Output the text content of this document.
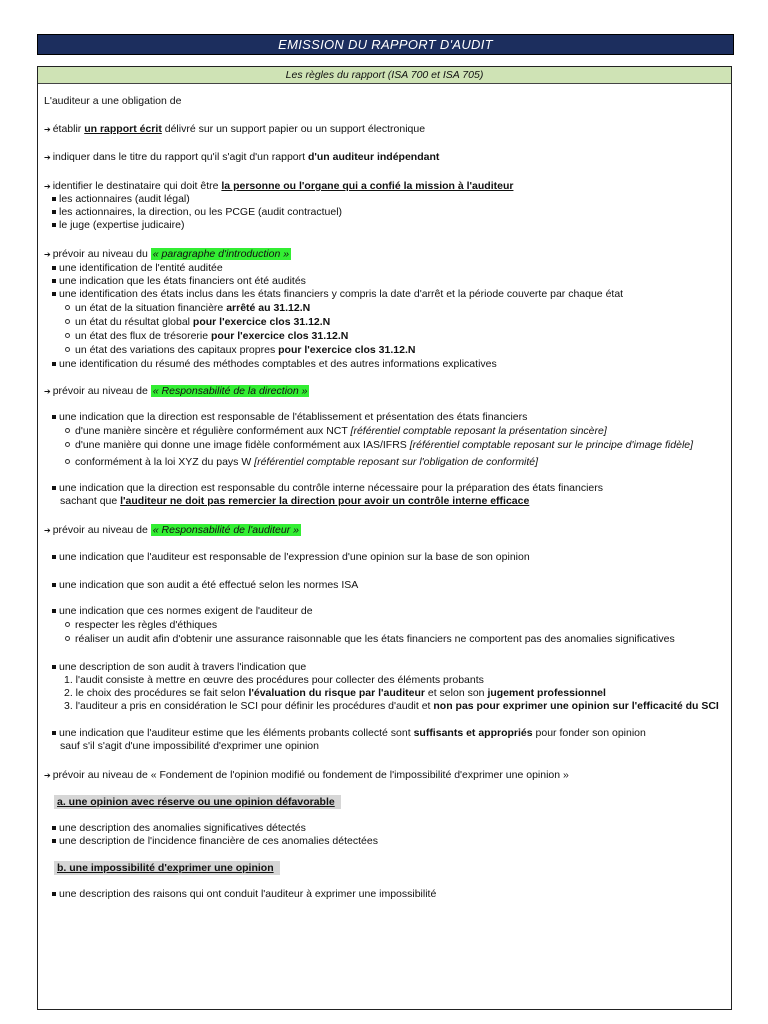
EMISSION DU RAPPORT D'AUDIT
Les règles du rapport (ISA 700 et ISA 705)
L'auditeur a une obligation de
➔ établir un rapport écrit délivré sur un support papier ou un support électronique
➔ indiquer dans le titre du rapport qu'il s'agit d'un rapport d'un auditeur indépendant
➔ identifier le destinataire qui doit être la personne ou l'organe qui a confié la mission à l'auditeur
les actionnaires (audit légal)
les actionnaires, la direction, ou les PCGE (audit contractuel)
le juge (expertise judicaire)
➔ prévoir au niveau du « paragraphe d'introduction »
une identification de l'entité auditée
une indication que les états financiers ont été audités
une identification des états inclus dans les états financiers y compris la date d'arrêt et la période couverte par chaque état
un état de la situation financière arrêté au 31.12.N
un état du résultat global pour l'exercice clos 31.12.N
un état des flux de trésorerie pour l'exercice clos 31.12.N
un état des variations des capitaux propres pour l'exercice clos 31.12.N
une identification du résumé des méthodes comptables et des autres informations explicatives
➔ prévoir au niveau de « Responsabilité de la direction »
une indication que la direction est responsable de l'établissement et présentation des états financiers
d'une manière sincère et régulière conformément aux NCT [référentiel comptable reposant la présentation sincère]
d'une manière qui donne une image fidèle conformément aux IAS/IFRS [référentiel comptable reposant sur le principe d'image fidèle]
conformément à la loi XYZ du pays W [référentiel comptable reposant sur l'obligation de conformité]
une indication que la direction est responsable du contrôle interne nécessaire pour la préparation des états financiers
sachant que l'auditeur ne doit pas remercier la direction pour avoir un contrôle interne efficace
➔ prévoir au niveau de « Responsabilité de l'auditeur »
une indication que l'auditeur est responsable de l'expression d'une opinion sur la base de son opinion
une indication que son audit a été effectué selon les normes ISA
une indication que ces normes exigent de l'auditeur de
respecter les règles d'éthiques
réaliser un audit afin d'obtenir une assurance raisonnable que les états financiers ne comportent pas des anomalies significatives
une description de son audit à travers l'indication que
1. l'audit consiste à mettre en œuvre des procédures pour collecter des éléments probants
2. le choix des procédures se fait selon l'évaluation du risque par l'auditeur et selon son jugement professionnel
3. l'auditeur a pris en considération le SCI pour définir les procédures d'audit et non pas pour exprimer une opinion sur l'efficacité du SCI
une indication que l'auditeur estime que les éléments probants collecté sont suffisants et appropriés pour fonder son opinion
sauf s'il s'agit d'une impossibilité d'exprimer une opinion
➔ prévoir au niveau de « Fondement de l'opinion modifié ou fondement de l'impossibilité d'exprimer une opinion »
a. une opinion avec réserve ou une opinion défavorable
une description des anomalies significatives détectés
une description de l'incidence financière de ces anomalies détectées
b. une impossibilité d'exprimer une opinion
une description des raisons qui ont conduit l'auditeur à exprimer une impossibilité
